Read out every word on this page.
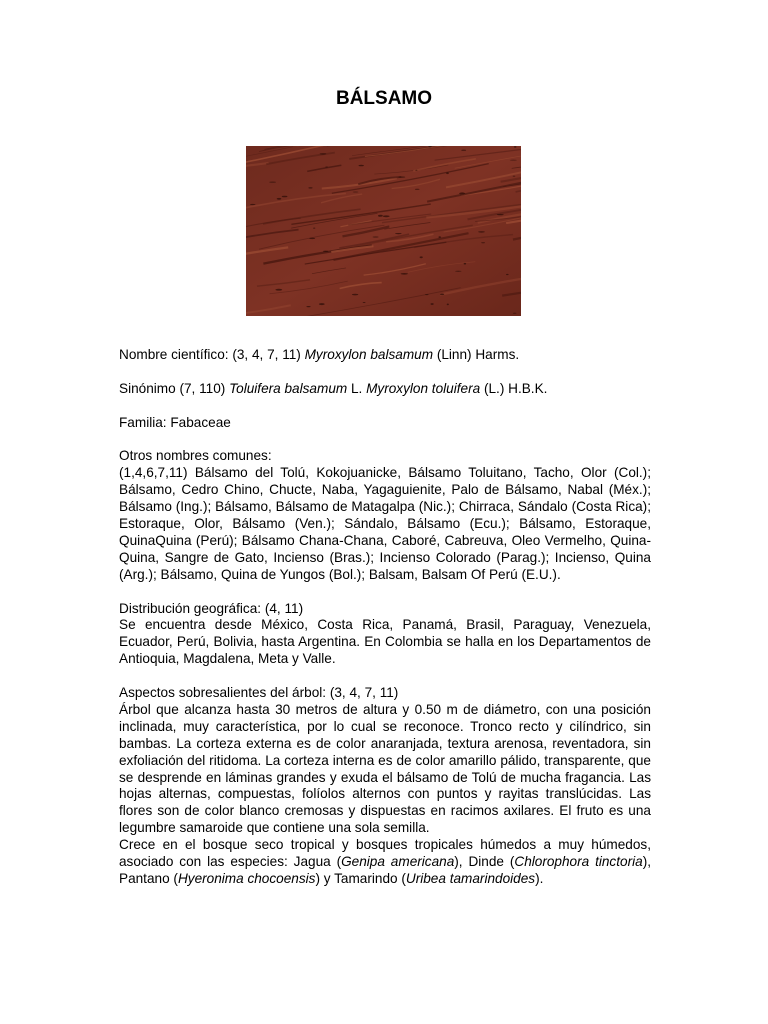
BÁLSAMO

Nombre científico: (3, 4, 7, 11) Myroxylon balsamum (Linn) Harms.

Sinónimo (7, 110) Toluifera balsamum L. Myroxylon toluifera (L.) H.B.K.

Familia: Fabaceae

Otros nombres comunes:

(1,4,6,7,11) Bálsamo del Tolú, Kokojuanicke, Bálsamo Toluitano, Tacho, Olor (Col.); Bálsamo, Cedro Chino, Chucte, Naba, Yagaguienite, Palo de Bálsamo, Nabal (Méx.); Bálsamo (Ing.); Bálsamo, Bálsamo de Matagalpa (Nic.); Chirraca, Sándalo (Costa Rica); Estoraque, Olor, Bálsamo (Ven.); Sándalo, Bálsamo (Ecu.); Bálsamo, Estoraque, QuinaQuina (Perú); Bálsamo Chana-Chana, Caboré, Cabreuva, Oleo Vermelho, Quina-Quina, Sangre de Gato, Incienso (Bras.); Incienso Colorado (Parag.); Incienso, Quina (Arg.); Bálsamo, Quina de Yungos (Bol.); Balsam, Balsam Of Perú (E.U.).

Distribución geográfica: (4, 11)

Se encuentra desde México, Costa Rica, Panamá, Brasil, Paraguay, Venezuela, Ecuador, Perú, Bolivia, hasta Argentina. En Colombia se halla en los Departamentos de Antioquia, Magdalena, Meta y Valle.

Aspectos sobresalientes del árbol: (3, 4, 7, 11)

Árbol que alcanza hasta 30 metros de altura y 0.50 m de diámetro, con una posición inclinada, muy característica, por lo cual se reconoce. Tronco recto y cilíndrico, sin bambas. La corteza externa es de color anaranjada, textura arenosa, reventadora, sin exfoliación del ritidoma. La corteza interna es de color amarillo pálido, transparente, que se desprende en láminas grandes y exuda el bálsamo de Tolú de mucha fragancia. Las hojas alternas, compuestas, folíolos alternos con puntos y rayitas translúcidas. Las flores son de color blanco cremosas y dispuestas en racimos axilares. El fruto es una legumbre samaroide que contiene una sola semilla.

Crece en el bosque seco tropical y bosques tropicales húmedos a muy húmedos, asociado con las especies: Jagua (Genipa americana), Dinde (Chlorophora tinctoria), Pantano (Hyeronima chocoensis) y Tamarindo (Uribea tamarindoides).
